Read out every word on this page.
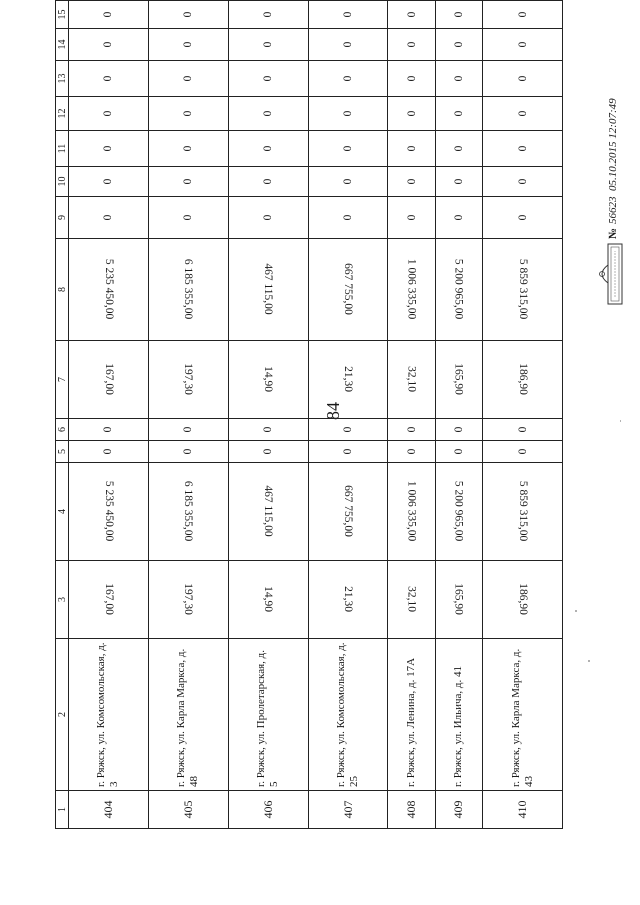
84
1	2	3	4	5	6	7	8	9	10	11	12	13	14	15	
404	г. Ряжск, ул. Комсомольская, д. 3	167,00	5 235 450,00	0	0	167,00	5 235 450,00	0	0	0	0	0	0	0	
405	г. Ряжск, ул. Карла Маркса, д. 48	197,30	6 185 355,00	0	0	197,30	6 185 355,00	0	0	0	0	0	0	0	
406	г. Ряжск, ул. Пролетарская, д. 5	14,90	467 115,00	0	0	14,90	467 115,00	0	0	0	0	0	0	0	
407	г. Ряжск, ул. Комсомольская, д. 25	21,30	667 755,00	0	0	21,30	667 755,00	0	0	0	0	0	0	0	
408	г. Ряжск, ул. Ленина, д. 17А	32,10	1 006 335,00	0	0	32,10	1 006 335,00	0	0	0	0	0	0	0	
409	г. Ряжск, ул. Ильича, д. 41	165,90	5 200 965,00	0	0	165,90	5 200 965,00	0	0	0	0	0	0	0	
410	г. Ряжск, ул. Карла Маркса, д. 43	186,90	5 859 315,00	0	0	186,90	5 859 315,00	0	0	0	0	0	0	0	
№56623  05.10.2015 12:07:49
